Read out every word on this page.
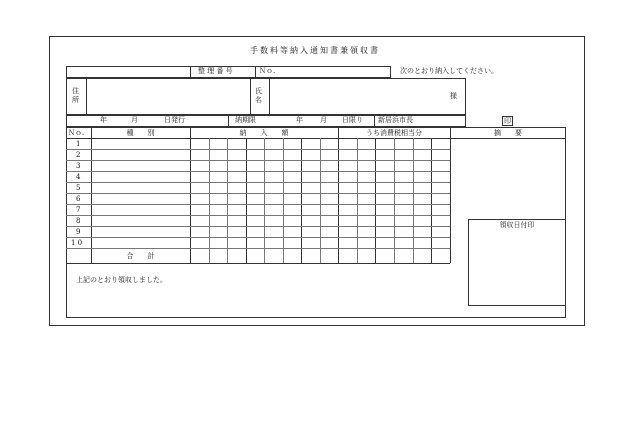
手数料等納入通知書兼領収書
整 理 番 号	Ｎｏ.	次のとおり納入してください。
住
所
氏
名	様
年	月	日発行	納期限	年 月 日限り 新居浜市長	印
Ｎｏ.	種　　別	納　　入　　額	うち消費税相当分	摘　　要
1
2
3
4
5
6
7
8
9
1 0
合　　計
領収日付印
上記のとおり領収しました。
